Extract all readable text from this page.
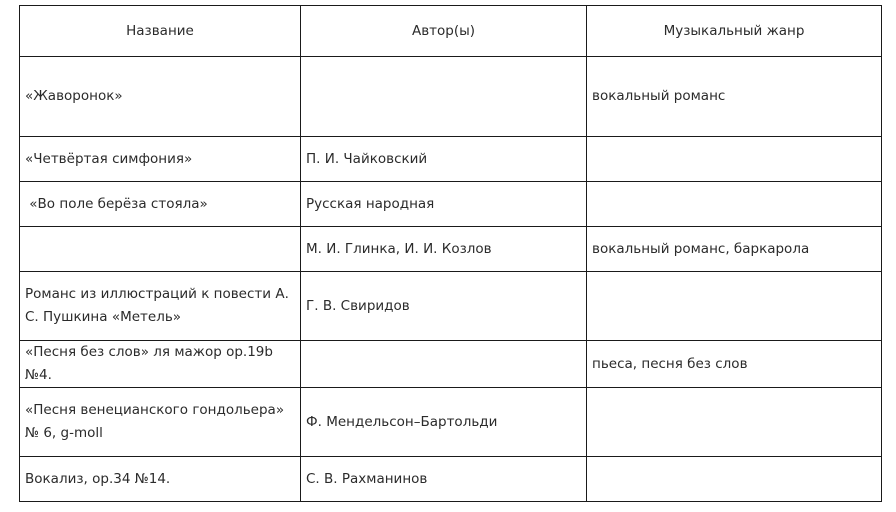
Название	Автор(ы)	Музыкальный жанр
«Жаворонок»		вокальный романс
«Четвёртая симфония»	П. И. Чайковский	
«Во поле берёза стояла»	Русская народная	
	М. И. Глинка, И. И. Козлов	вокальный романс, баркарола
Романс из иллюстраций к повести А. С. Пушкина «Метель»	Г. В. Свиридов	
«Песня без слов» ля мажор ор.19b №4.		пьеса, песня без слов
«Песня венецианского гондольера» № 6, g-moll	Ф. Мендельсон–Бартольди	
Вокализ, ор.34 №14.	С. В. Рахманинов	
